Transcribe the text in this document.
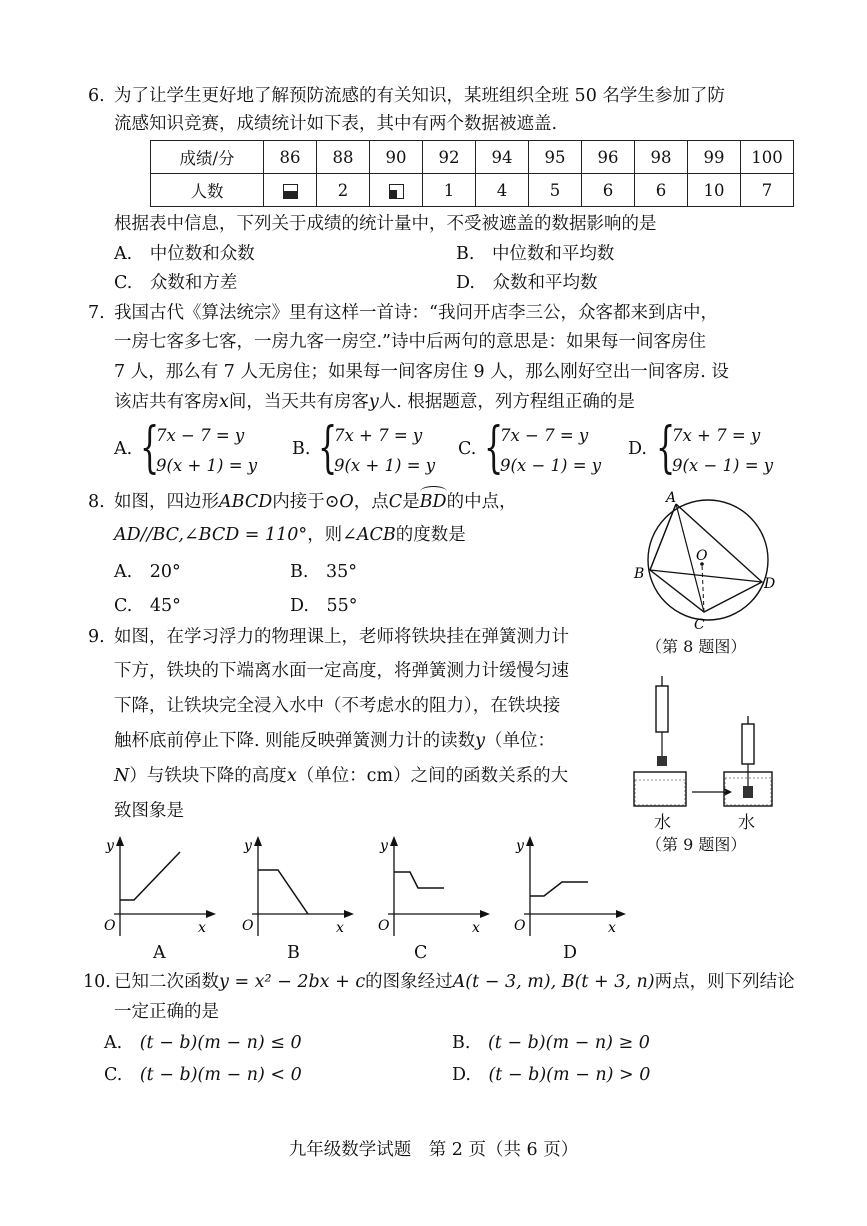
6. 为了让学生更好地了解预防流感的有关知识，某班组织全班 50 名学生参加了防
流感知识竞赛，成绩统计如下表，其中有两个数据被遮盖.
成绩/分	86	88	90	92	94	95	96	98	99	100
人数		2		1	4	5	6	6	10	7
根据表中信息，下列关于成绩的统计量中，不受被遮盖的数据影响的是
A.　 中位数和众数	B.　 中位数和平均数
C.　 众数和方差	D.　 众数和平均数
7. 我国古代《算法统宗》里有这样一首诗：“我问开店李三公，众客都来到店中，
一房七客多七客，一房九客一房空.”诗中后两句的意思是：如果每一间客房住
7 人，那么有 7 人无房住；如果每一间客房住 9 人，那么刚好空出一间客房. 设
该店共有客房x间，当天共有房客y人. 根据题意，列方程组正确的是
A. {
7x − 7 = y
9(x + 1) = y
B. {
7x + 7 = y
9(x + 1) = y
C. {
7x − 7 = y
9(x − 1) = y
D. {
7x + 7 = y
9(x − 1) = y
8. 如图，四边形ABCD内接于⊙O，点C是BD
的中点，
AD//BC,∠BCD = 110°，则∠ACB的度数是
A.　 20°	B.　 35°
C.　 45°	D.　 55°
A
B
O
D
C
（第 8 题图）
9. 如图，在学习浮力的物理课上，老师将铁块挂在弹簧测力计
下方，铁块的下端离水面一定高度，将弹簧测力计缓慢匀速
下降，让铁块完全浸入水中（不考虑水的阻力），在铁块接
触杯底前停止下降. 则能反映弹簧测力计的读数y（单位：
N）与铁块下降的高度x（单位：cm）之间的函数关系的大
致图象是
水	水
（第 9 题图）
y
O	x
y
O	x
y
O	x
y
O	x
A	B	C	D
10. 已知二次函数y = x² − 2bx + c的图象经过A(t − 3, m), B(t + 3, n)两点，则下列结论
一定正确的是
A.　 (t − b)(m − n) ≤ 0	B.　 (t − b)(m − n) ≥ 0
C.　 (t − b)(m − n) < 0	D.　 (t − b)(m − n) > 0
九年级数学试题　第 2 页（共 6 页）
